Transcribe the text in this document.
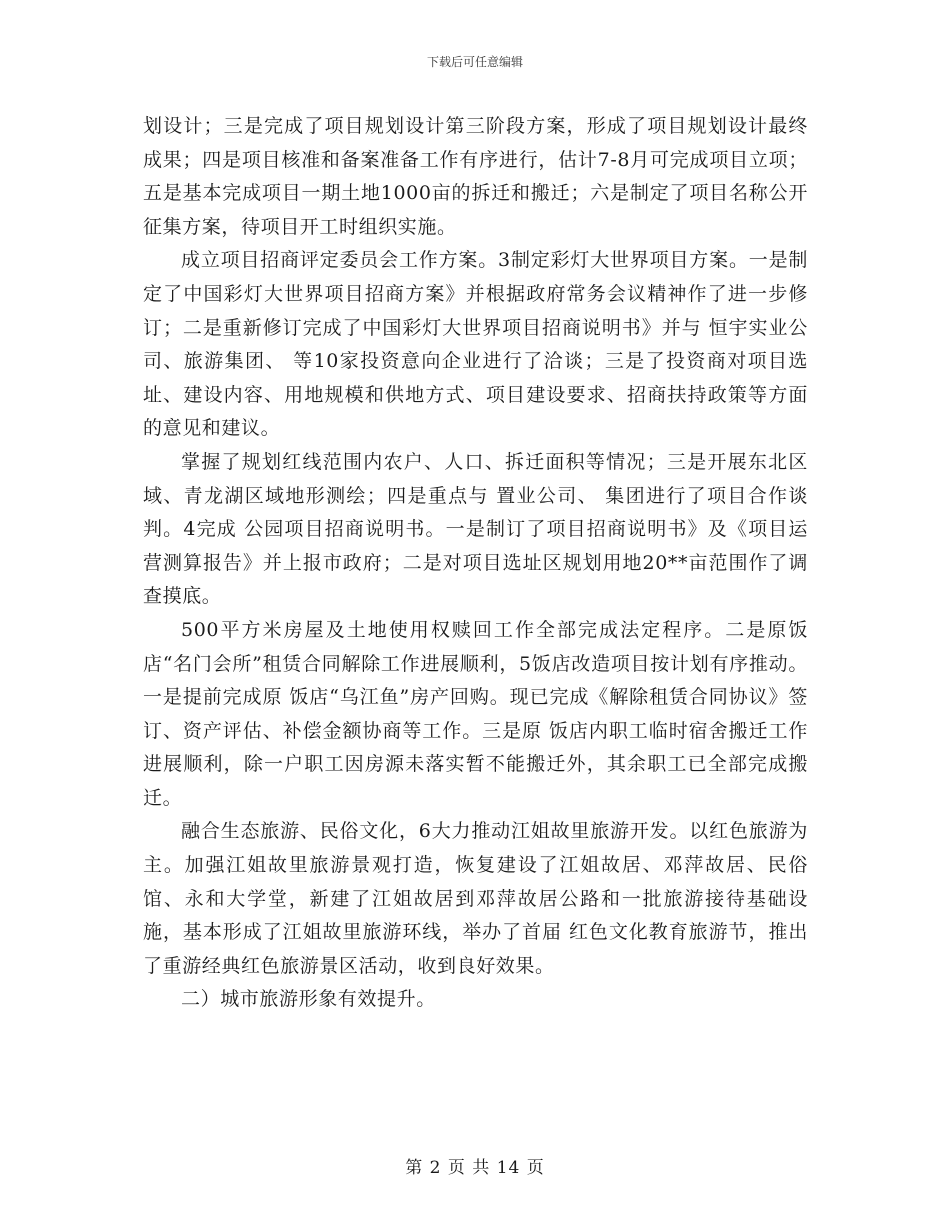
下载后可任意编辑

划设计；三是完成了项目规划设计第三阶段方案，形成了项目规划设计最终成果；四是项目核准和备案准备工作有序进行，估计7-8月可完成项目立项；五是基本完成项目一期土地1000亩的拆迁和搬迁；六是制定了项目名称公开征集方案，待项目开工时组织实施。

成立项目招商评定委员会工作方案。3制定彩灯大世界项目方案。一是制定了中国彩灯大世界项目招商方案》并根据政府常务会议精神作了进一步修订；二是重新修订完成了中国彩灯大世界项目招商说明书》并与 恒宇实业公司、旅游集团、 等10家投资意向企业进行了洽谈；三是了投资商对项目选址、建设内容、用地规模和供地方式、项目建设要求、招商扶持政策等方面的意见和建议。

掌握了规划红线范围内农户、人口、拆迁面积等情况；三是开展东北区域、青龙湖区域地形测绘；四是重点与 置业公司、 集团进行了项目合作谈判。4完成 公园项目招商说明书。一是制订了项目招商说明书》及《项目运营测算报告》并上报市政府；二是对项目选址区规划用地20**亩范围作了调查摸底。

500平方米房屋及土地使用权赎回工作全部完成法定程序。二是原饭店“名门会所”租赁合同解除工作进展顺利，5饭店改造项目按计划有序推动。一是提前完成原 饭店“乌江鱼”房产回购。现已完成《解除租赁合同协议》签订、资产评估、补偿金额协商等工作。三是原 饭店内职工临时宿舍搬迁工作进展顺利，除一户职工因房源未落实暂不能搬迁外，其余职工已全部完成搬迁。

融合生态旅游、民俗文化，6大力推动江姐故里旅游开发。以红色旅游为主。加强江姐故里旅游景观打造，恢复建设了江姐故居、邓萍故居、民俗馆、永和大学堂，新建了江姐故居到邓萍故居公路和一批旅游接待基础设施，基本形成了江姐故里旅游环线，举办了首届 红色文化教育旅游节，推出了重游经典红色旅游景区活动，收到良好效果。

二）城市旅游形象有效提升。

第 2 页 共 14 页
